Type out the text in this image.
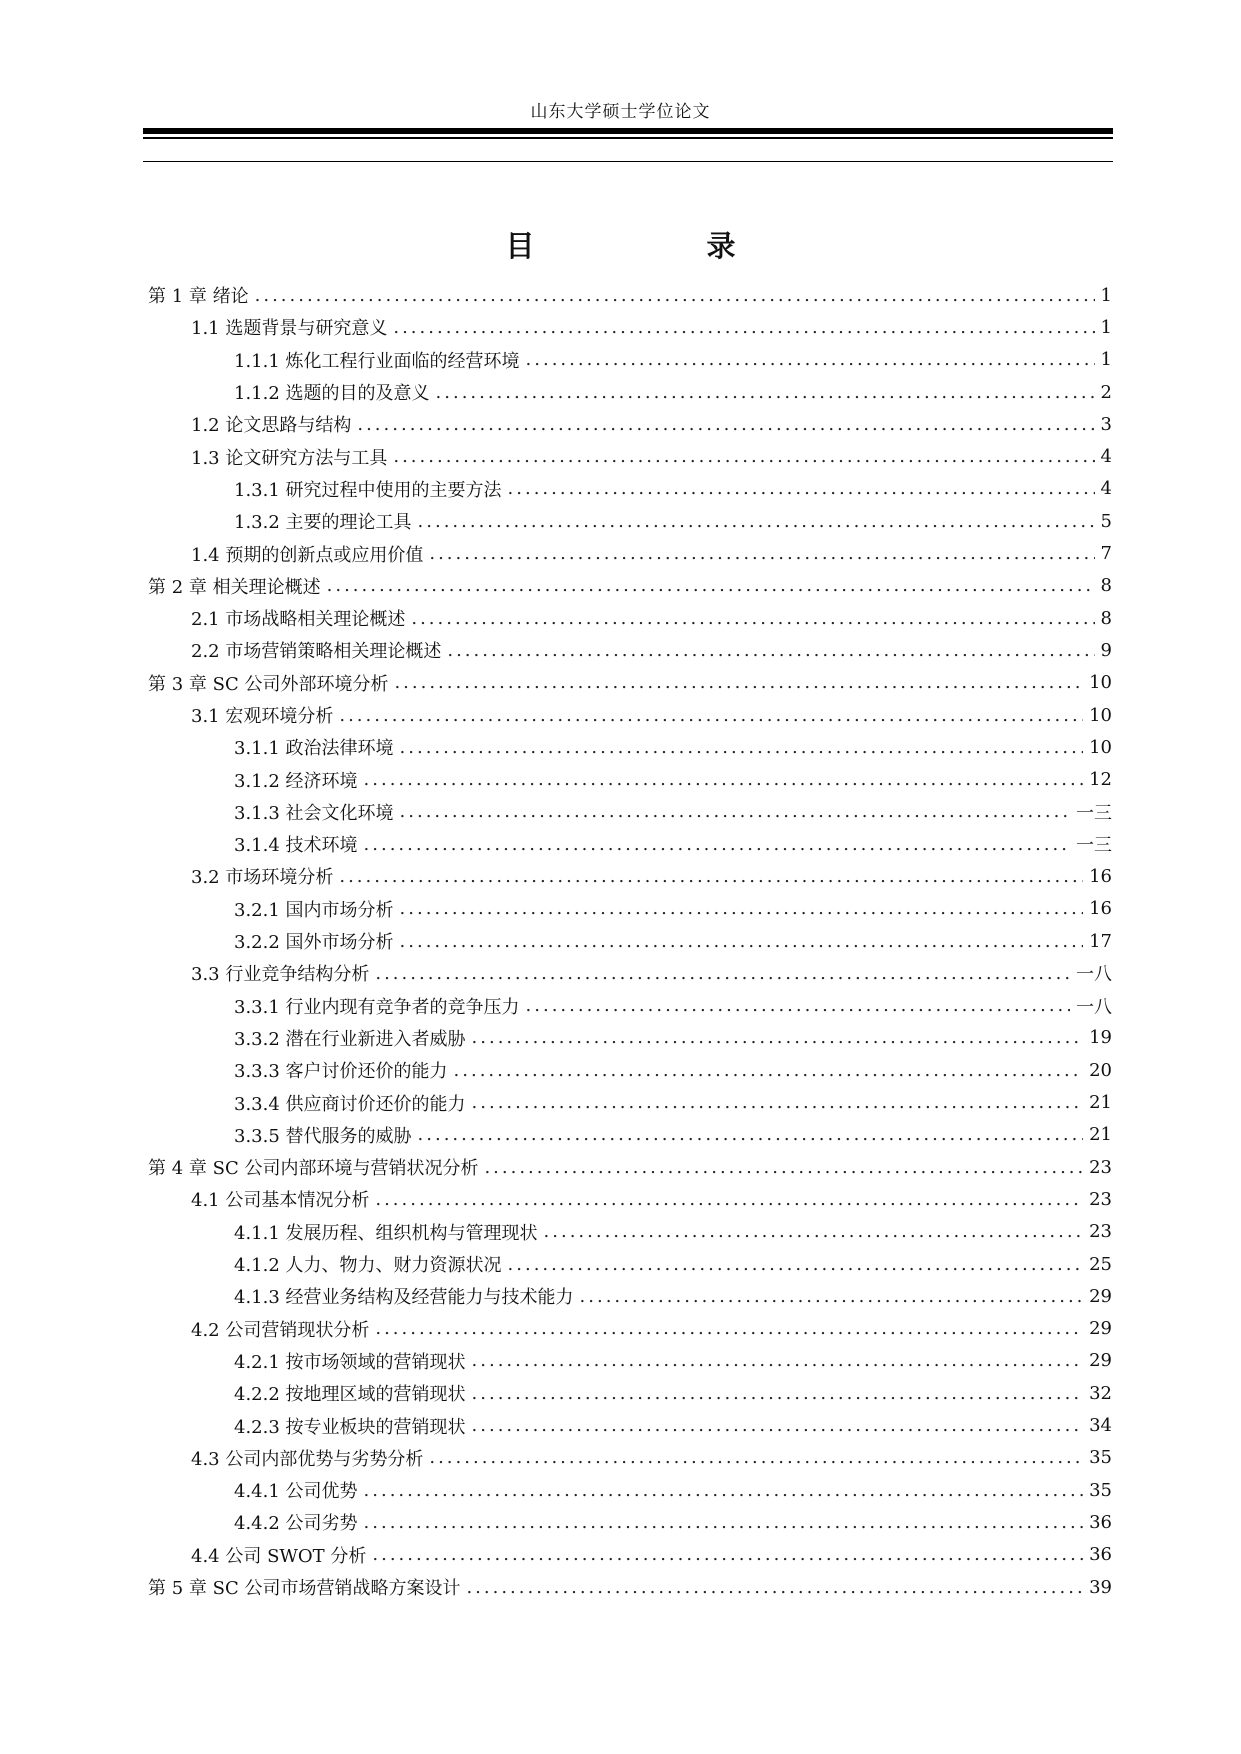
山东大学硕士学位论文
目　　录
第 1 章 绪论 .....	1
1.1 选题背景与研究意义 .....	1
1.1.1 炼化工程行业面临的经营环境 .....	1
1.1.2 选题的目的及意义 .....	2
1.2 论文思路与结构 .....	3
1.3 论文研究方法与工具 .....	4
1.3.1 研究过程中使用的主要方法 .....	4
1.3.2 主要的理论工具 .....	5
1.4 预期的创新点或应用价值 .....	7
第 2 章 相关理论概述 .....	8
2.1 市场战略相关理论概述 .....	8
2.2 市场营销策略相关理论概述 .....	9
第 3 章 SC 公司外部环境分析 .....	10
3.1 宏观环境分析 .....	10
3.1.1 政治法律环境 .....	10
3.1.2 经济环境 .....	12
3.1.3 社会文化环境 .....	一三
3.1.4 技术环境 .....	一三
3.2 市场环境分析 .....	16
3.2.1 国内市场分析 .....	16
3.2.2 国外市场分析 .....	17
3.3 行业竞争结构分析 .....	一八
3.3.1 行业内现有竞争者的竞争压力 .....	一八
3.3.2 潜在行业新进入者威胁 .....	19
3.3.3 客户讨价还价的能力 .....	20
3.3.4 供应商讨价还价的能力 .....	21
3.3.5 替代服务的威胁 .....	21
第 4 章 SC 公司内部环境与营销状况分析 .....	23
4.1 公司基本情况分析 .....	23
4.1.1 发展历程、组织机构与管理现状 .....	23
4.1.2 人力、物力、财力资源状况 .....	25
4.1.3 经营业务结构及经营能力与技术能力 .....	29
4.2 公司营销现状分析 .....	29
4.2.1 按市场领域的营销现状 .....	29
4.2.2 按地理区域的营销现状 .....	32
4.2.3 按专业板块的营销现状 .....	34
4.3 公司内部优势与劣势分析 .....	35
4.4.1 公司优势 .....	35
4.4.2 公司劣势 .....	36
4.4 公司 SWOT 分析 .....	36
第 5 章 SC 公司市场营销战略方案设计 .....	39
